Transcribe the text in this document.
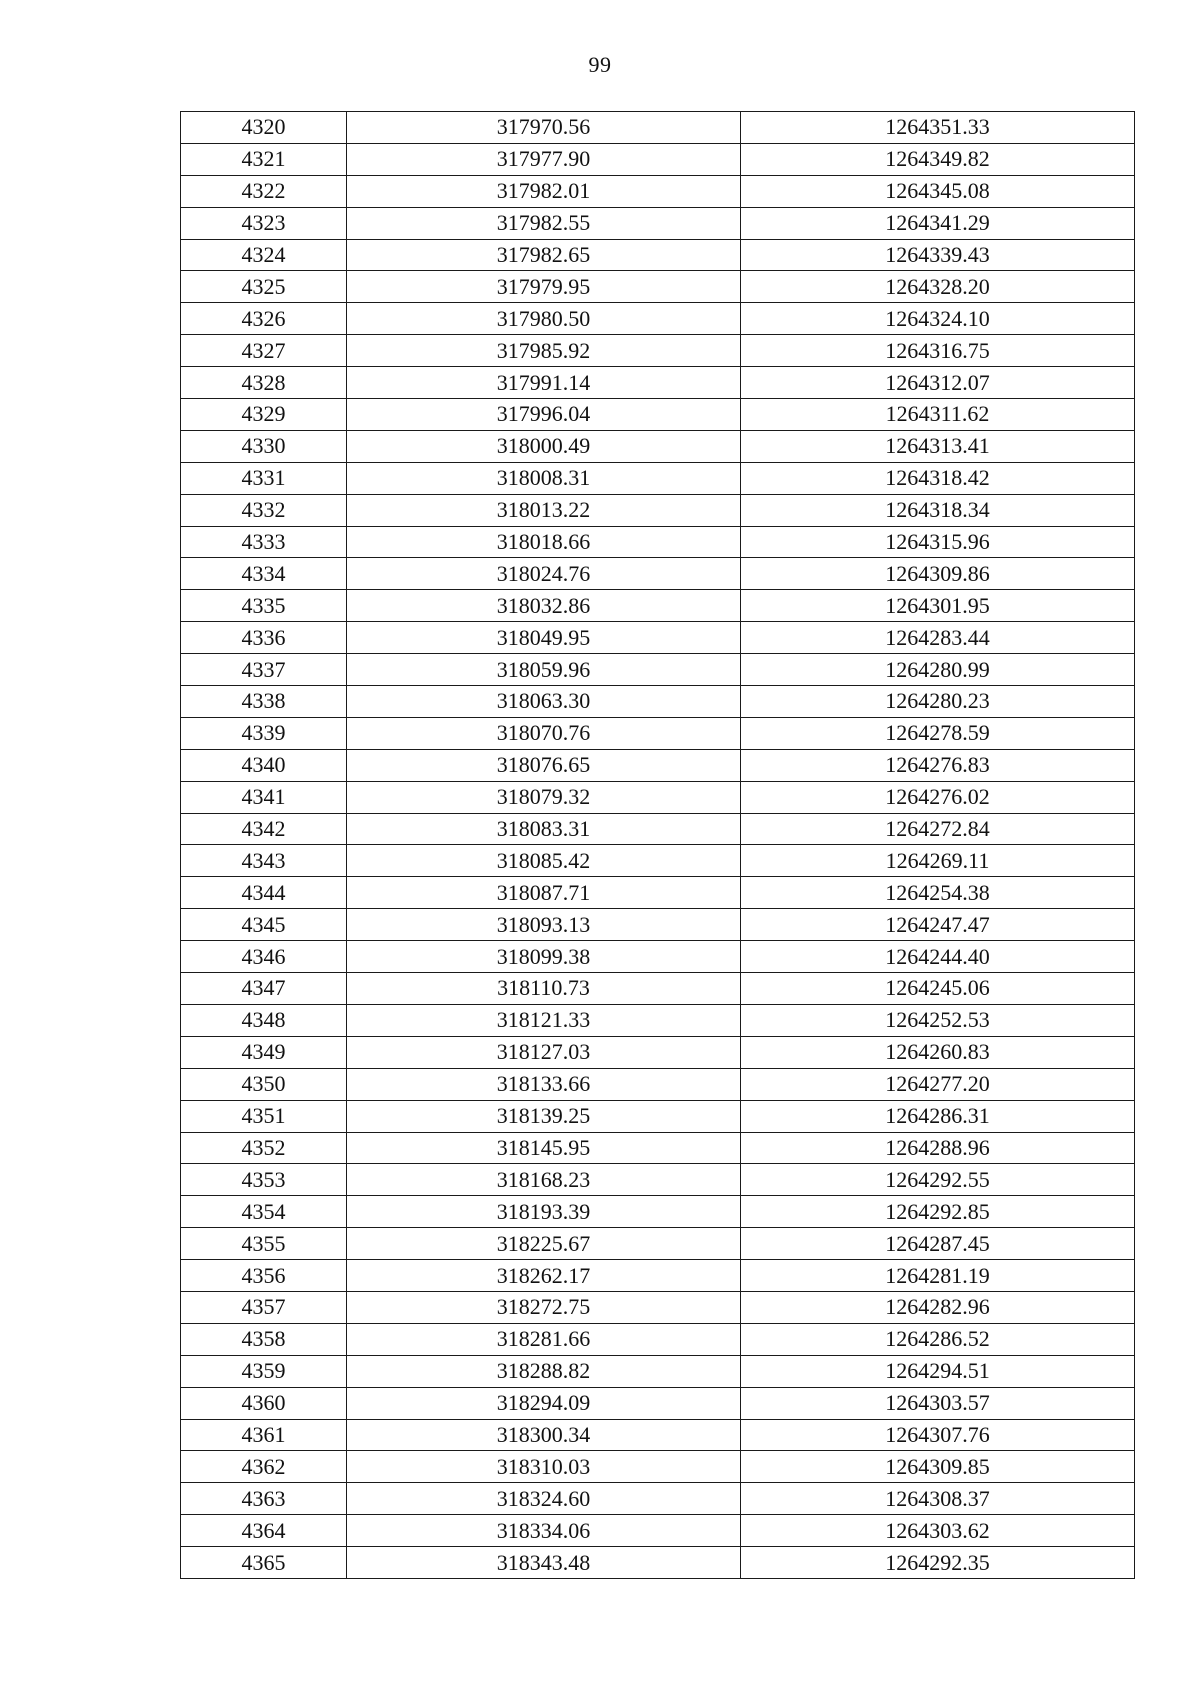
99
4320	317970.56	1264351.33
4321	317977.90	1264349.82
4322	317982.01	1264345.08
4323	317982.55	1264341.29
4324	317982.65	1264339.43
4325	317979.95	1264328.20
4326	317980.50	1264324.10
4327	317985.92	1264316.75
4328	317991.14	1264312.07
4329	317996.04	1264311.62
4330	318000.49	1264313.41
4331	318008.31	1264318.42
4332	318013.22	1264318.34
4333	318018.66	1264315.96
4334	318024.76	1264309.86
4335	318032.86	1264301.95
4336	318049.95	1264283.44
4337	318059.96	1264280.99
4338	318063.30	1264280.23
4339	318070.76	1264278.59
4340	318076.65	1264276.83
4341	318079.32	1264276.02
4342	318083.31	1264272.84
4343	318085.42	1264269.11
4344	318087.71	1264254.38
4345	318093.13	1264247.47
4346	318099.38	1264244.40
4347	318110.73	1264245.06
4348	318121.33	1264252.53
4349	318127.03	1264260.83
4350	318133.66	1264277.20
4351	318139.25	1264286.31
4352	318145.95	1264288.96
4353	318168.23	1264292.55
4354	318193.39	1264292.85
4355	318225.67	1264287.45
4356	318262.17	1264281.19
4357	318272.75	1264282.96
4358	318281.66	1264286.52
4359	318288.82	1264294.51
4360	318294.09	1264303.57
4361	318300.34	1264307.76
4362	318310.03	1264309.85
4363	318324.60	1264308.37
4364	318334.06	1264303.62
4365	318343.48	1264292.35
